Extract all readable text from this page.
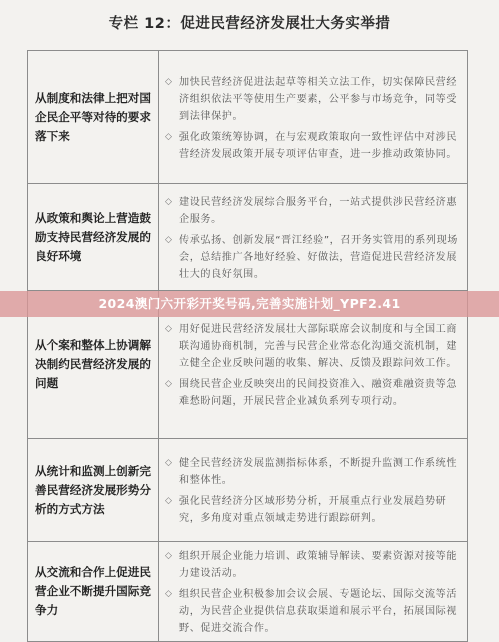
专栏 12：促进民营经济发展壮大务实举措
从制度和法律上把对国企民企平等对待的要求落下来	◇ 加快民营经济促进法起草等相关立法工作，切实保障民营经济组织依法平等使用生产要素，公平参与市场竞争，同等受到法律保护。
◇ 强化政策统筹协调，在与宏观政策取向一致性评估中对涉民营经济发展政策开展专项评估审查，进一步推动政策协同。

从政策和舆论上营造鼓励支持民营经济发展的良好环境	◇ 建设民营经济发展综合服务平台，一站式提供涉民营经济惠企服务。
◇ 传承弘扬、创新发展“晋江经验”，召开务实管用的系列现场会，总结推广各地好经验、好做法，营造促进民营经济发展壮大的良好氛围。

从个案和整体上协调解决制约民营经济发展的问题	◇ 用好促进民营经济发展壮大部际联席会议制度和与全国工商联沟通协商机制，完善与民营企业常态化沟通交流机制，建立健全企业反映问题的收集、解决、反馈及跟踪问效工作。
◇ 围绕民营企业反映突出的民间投资准入、融资难融资贵等急难愁盼问题，开展民营企业减负系列专项行动。

从统计和监测上创新完善民营经济发展形势分析的方式方法	◇ 健全民营经济发展监测指标体系，不断提升监测工作系统性和整体性。
◇ 强化民营经济分区域形势分析，开展重点行业发展趋势研究，多角度对重点领域走势进行跟踪研判。

从交流和合作上促进民营企业不断提升国际竞争力	◇ 组织开展企业能力培训、政策辅导解读、要素资源对接等能力建设活动。
◇ 组织民营企业积极参加会议会展、专题论坛、国际交流等活动，为民营企业提供信息获取渠道和展示平台，拓展国际视野、促进交流合作。
2024澳门六开彩开奖号码,完善实施计划_YPF2.41
